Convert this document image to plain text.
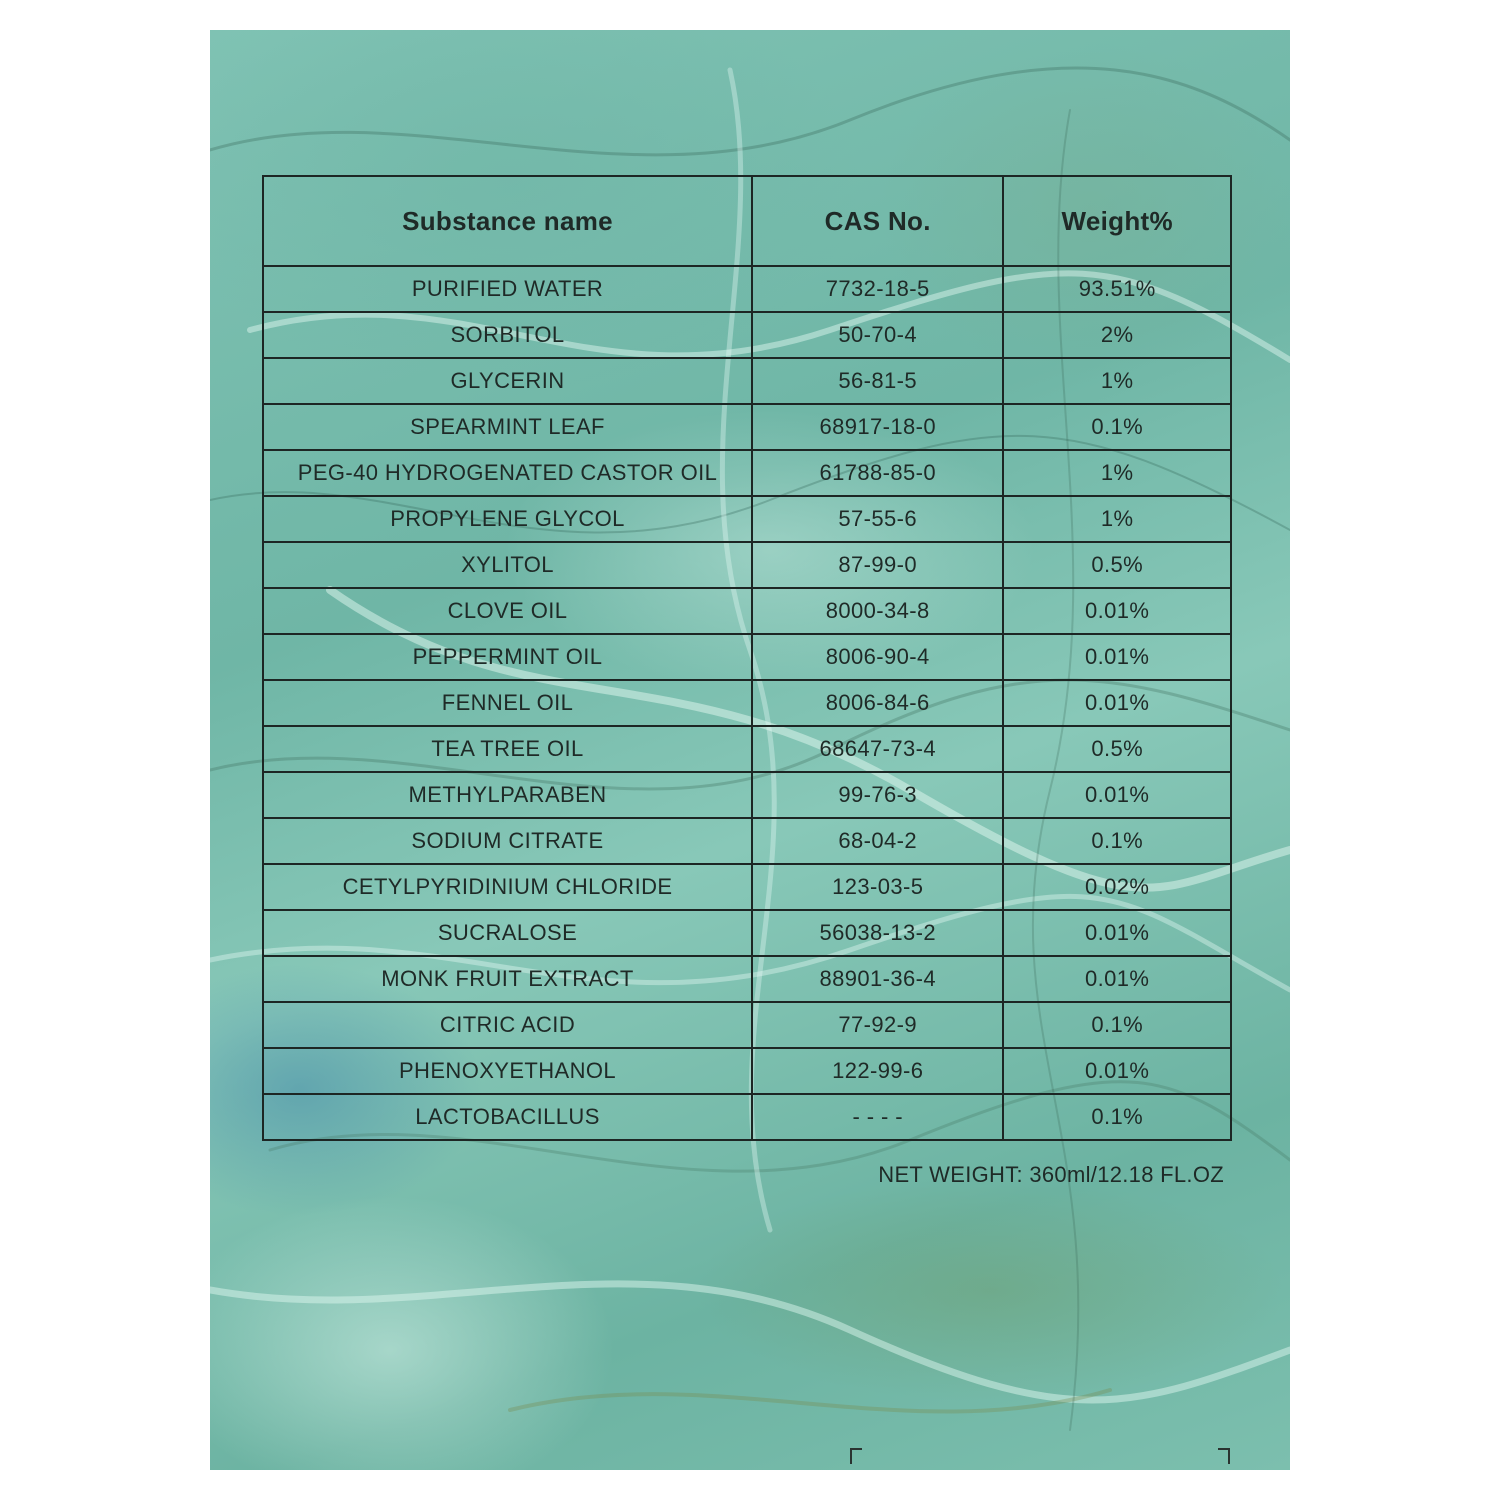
Substance name	CAS No.	Weight%
PURIFIED WATER	7732-18-5	93.51%
SORBITOL	50-70-4	2%
GLYCERIN	56-81-5	1%
SPEARMINT LEAF	68917-18-0	0.1%
PEG-40 HYDROGENATED CASTOR OIL	61788-85-0	1%
PROPYLENE GLYCOL	57-55-6	1%
XYLITOL	87-99-0	0.5%
CLOVE OIL	8000-34-8	0.01%
PEPPERMINT OIL	8006-90-4	0.01%
FENNEL OIL	8006-84-6	0.01%
TEA TREE OIL	68647-73-4	0.5%
METHYLPARABEN	99-76-3	0.01%
SODIUM CITRATE	68-04-2	0.1%
CETYLPYRIDINIUM CHLORIDE	123-03-5	0.02%
SUCRALOSE	56038-13-2	0.01%
MONK FRUIT EXTRACT	88901-36-4	0.01%
CITRIC ACID	77-92-9	0.1%
PHENOXYETHANOL	122-99-6	0.01%
LACTOBACILLUS	- - - -	0.1%
NET WEIGHT: 360ml/12.18 FL.OZ
